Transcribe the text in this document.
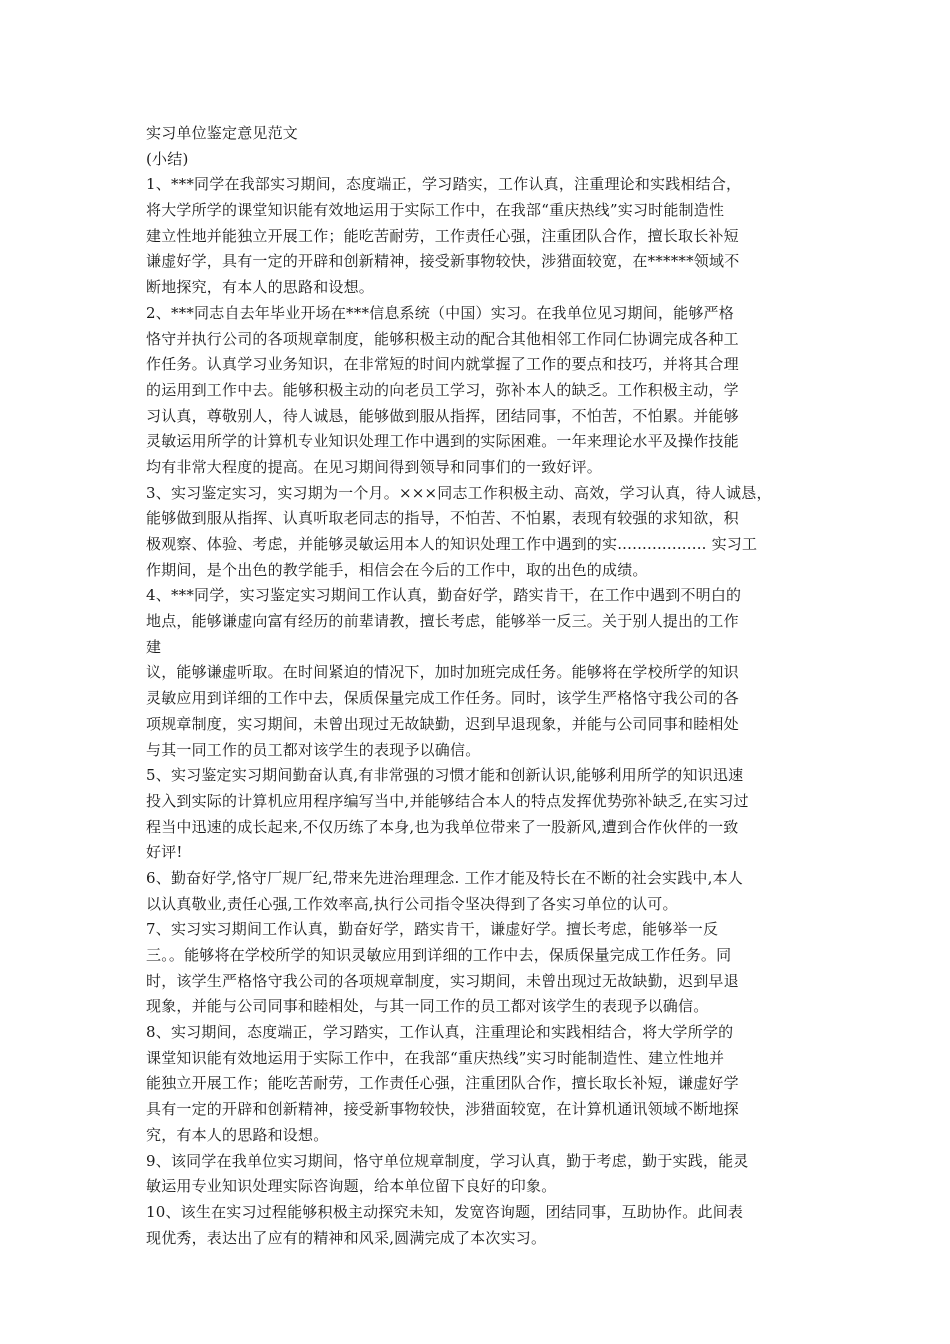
实习单位鉴定意见范文
(小结)
1、***同学在我部实习期间，态度端正，学习踏实，工作认真，注重理论和实践相结合，
将大学所学的课堂知识能有效地运用于实际工作中，在我部“重庆热线”实习时能制造性
建立性地并能独立开展工作；能吃苦耐劳，工作责任心强，注重团队合作，擅长取长补短
谦虚好学，具有一定的开辟和创新精神，接受新事物较快，涉猎面较宽，在******领域不
断地探究，有本人的思路和设想。
2、***同志自去年毕业开场在***信息系统（中国）实习。在我单位见习期间，能够严格
恪守并执行公司的各项规章制度，能够积极主动的配合其他相邻工作同仁协调完成各种工
作任务。认真学习业务知识，在非常短的时间内就掌握了工作的要点和技巧，并将其合理
的运用到工作中去。能够积极主动的向老员工学习，弥补本人的缺乏。工作积极主动，学
习认真，尊敬别人，待人诚恳，能够做到服从指挥，团结同事，不怕苦，不怕累。并能够
灵敏运用所学的计算机专业知识处理工作中遇到的实际困难。一年来理论水平及操作技能
均有非常大程度的提高。在见习期间得到领导和同事们的一致好评。
3、实习鉴定实习，实习期为一个月。×××同志工作积极主动、高效，学习认真，待人诚恳，
能够做到服从指挥、认真听取老同志的指导，不怕苦、不怕累，表现有较强的求知欲，积
极观察、体验、考虑，并能够灵敏运用本人的知识处理工作中遇到的实.................. 实习工
作期间，是个出色的教学能手，相信会在今后的工作中，取的出色的成绩。
4、***同学，实习鉴定实习期间工作认真，勤奋好学，踏实肯干，在工作中遇到不明白的
地点，能够谦虚向富有经历的前辈请教，擅长考虑，能够举一反三。关于别人提出的工作
建
议，能够谦虚听取。在时间紧迫的情况下，加时加班完成任务。能够将在学校所学的知识
灵敏应用到详细的工作中去，保质保量完成工作任务。同时，该学生严格恪守我公司的各
项规章制度，实习期间，未曾出现过无故缺勤，迟到早退现象，并能与公司同事和睦相处
与其一同工作的员工都对该学生的表现予以确信。
5、实习鉴定实习期间勤奋认真,有非常强的习惯才能和创新认识,能够利用所学的知识迅速
投入到实际的计算机应用程序编写当中,并能够结合本人的特点发挥优势弥补缺乏,在实习过
程当中迅速的成长起来,不仅历练了本身,也为我单位带来了一股新风,遭到合作伙伴的一致
好评!
6、勤奋好学,恪守厂规厂纪,带来先进治理理念. 工作才能及特长在不断的社会实践中,本人
以认真敬业,责任心强,工作效率高,执行公司指令坚决得到了各实习单位的认可。
7、实习实习期间工作认真，勤奋好学，踏实肯干，谦虚好学。擅长考虑，能够举一反
三。。能够将在学校所学的知识灵敏应用到详细的工作中去，保质保量完成工作任务。同
时，该学生严格恪守我公司的各项规章制度，实习期间，未曾出现过无故缺勤，迟到早退
现象，并能与公司同事和睦相处，与其一同工作的员工都对该学生的表现予以确信。
8、实习期间，态度端正，学习踏实，工作认真，注重理论和实践相结合，将大学所学的
课堂知识能有效地运用于实际工作中，在我部“重庆热线”实习时能制造性、建立性地并
能独立开展工作；能吃苦耐劳，工作责任心强，注重团队合作，擅长取长补短，谦虚好学
具有一定的开辟和创新精神，接受新事物较快，涉猎面较宽，在计算机通讯领域不断地探
究，有本人的思路和设想。
9、该同学在我单位实习期间，恪守单位规章制度，学习认真，勤于考虑，勤于实践，能灵
敏运用专业知识处理实际咨询题，给本单位留下良好的印象。
10、该生在实习过程能够积极主动探究未知，发宽咨询题，团结同事，互助协作。此间表
现优秀，表达出了应有的精神和风采,圆满完成了本次实习。
